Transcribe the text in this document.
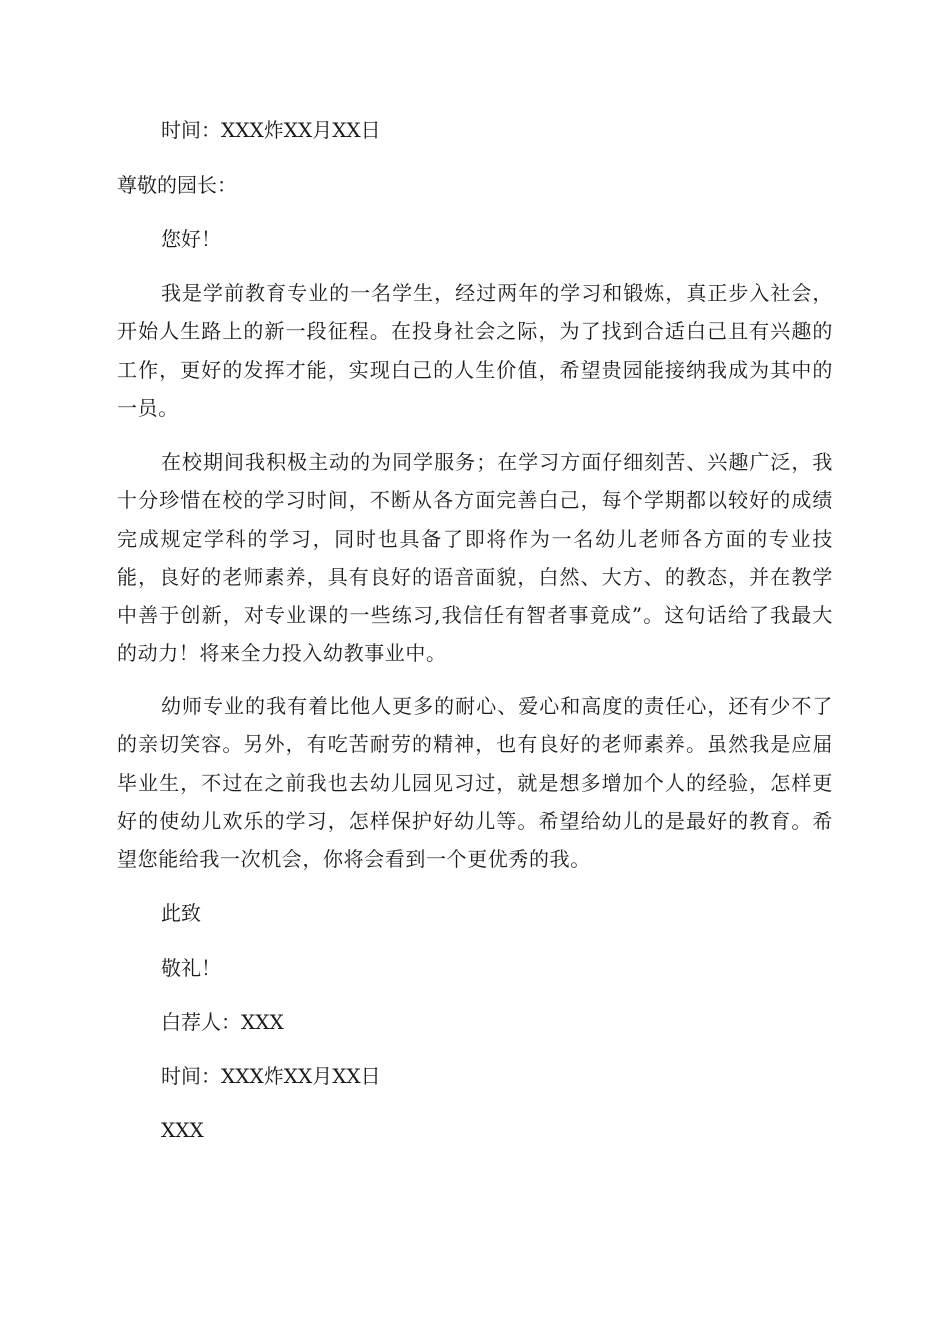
时间：XXX炸XX月XX日
尊敬的园长：
您好！
我是学前教育专业的一名学生，经过两年的学习和锻炼，真正步入社会，开始人生路上的新一段征程。在投身社会之际，为了找到合适白己且有兴趣的工作，更好的发挥才能，实现白己的人生价值，希望贵园能接纳我成为其中的一员。
在校期间我积极主动的为同学服务；在学习方面仔细刻苦、兴趣广泛，我十分珍惜在校的学习时间，不断从各方面完善白己，每个学期都以较好的成绩完成规定学科的学习，同时也具备了即将作为一名幼儿老师各方面的专业技能，良好的老师素养，具有良好的语音面貌，白然、大方、的教态，并在教学中善于创新，对专业课的一些练习,我信任有智者事竟成”。这句话给了我最大的动力！将来全力投入幼教事业中。
幼师专业的我有着比他人更多的耐心、爱心和高度的责任心，还有少不了的亲切笑容。另外，有吃苦耐劳的精神，也有良好的老师素养。虽然我是应届毕业生，不过在之前我也去幼儿园见习过，就是想多增加个人的经验，怎样更好的使幼儿欢乐的学习，怎样保护好幼儿等。希望给幼儿的是最好的教育。希望您能给我一次机会，你将会看到一个更优秀的我。
此致
敬礼！
白荐人：XXX
时间：XXX炸XX月XX日
XXX
